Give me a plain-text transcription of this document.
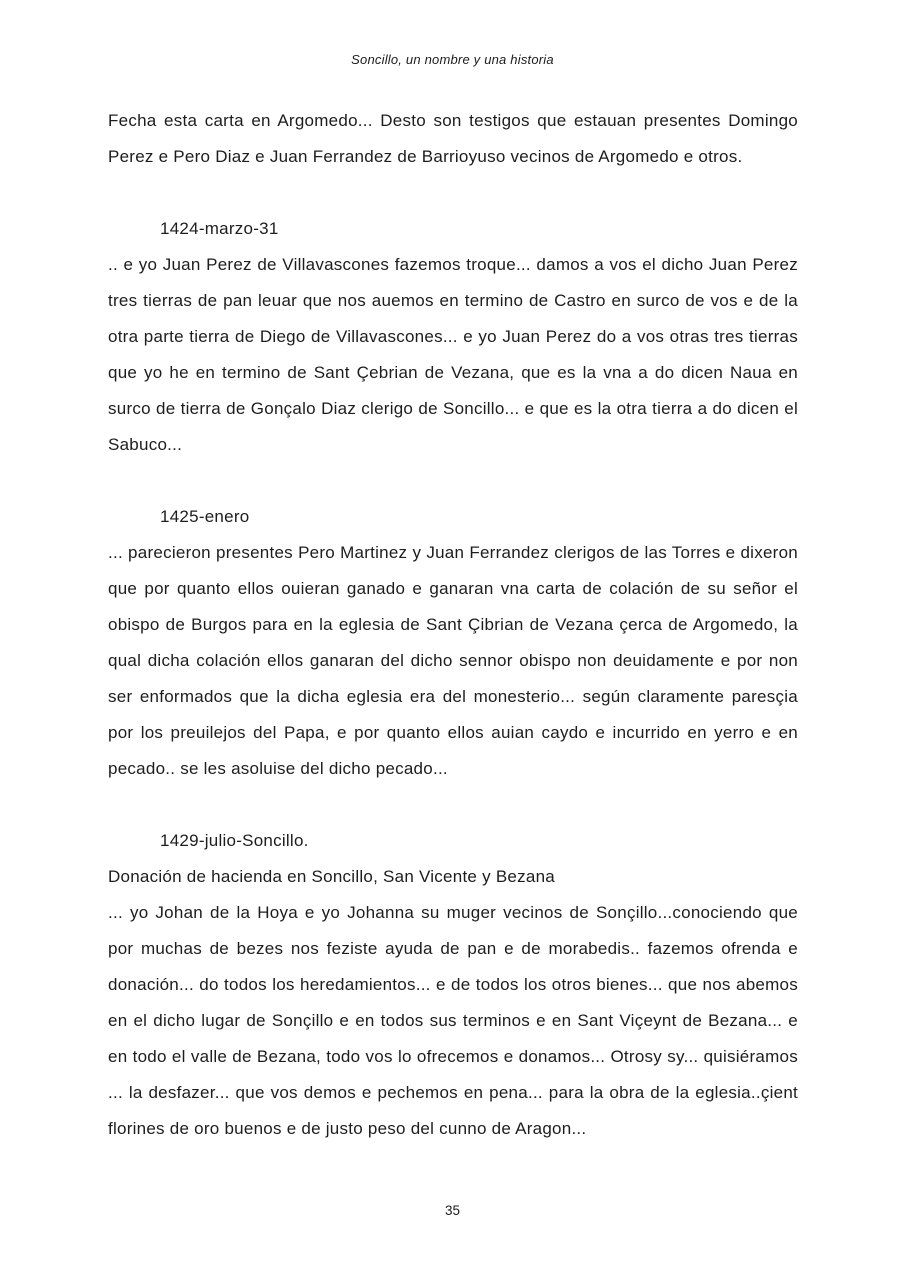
Soncillo, un nombre y una historia

Fecha esta carta en Argomedo... Desto son testigos que estauan presentes Domingo Perez e Pero Diaz e Juan Ferrandez de Barrioyuso vecinos de Argomedo e otros.

1424-marzo-31

.. e yo Juan Perez de Villavascones fazemos troque... damos a vos el dicho Juan Perez tres tierras de pan leuar que nos auemos en termino de Castro en surco de vos e de la otra parte tierra de Diego de Villavascones... e yo Juan Perez do a vos otras tres tierras que yo he en termino de Sant Çebrian de Vezana, que es la vna a do dicen Naua en surco de tierra de Gonçalo Diaz clerigo de Soncillo... e que es la otra tierra a do dicen el Sabuco...

1425-enero

... parecieron presentes Pero Martinez y Juan Ferrandez clerigos de las Torres e dixeron que por quanto ellos ouieran ganado e ganaran vna carta de colación de su señor el obispo de Burgos para en la eglesia de Sant Çibrian de Vezana çerca de Argomedo, la qual dicha colación ellos ganaran del dicho sennor obispo non deuidamente e por non ser enformados que la dicha eglesia era del monesterio... según claramente paresçia por los preuilejos del Papa, e por quanto ellos auian caydo e incurrido en yerro e en pecado.. se les asoluise del dicho pecado...

1429-julio-Soncillo.

Donación de hacienda en Soncillo, San Vicente y Bezana

... yo Johan de la Hoya e yo Johanna su muger vecinos de Sonçillo...conociendo que por muchas de bezes nos feziste ayuda de pan e de morabedis.. fazemos ofrenda e donación... do todos los heredamientos... e de todos los otros bienes... que nos abemos en el dicho lugar de Sonçillo e en todos sus terminos e en Sant Viçeynt de Bezana... e en todo el valle de Bezana, todo vos lo ofrecemos e donamos... Otrosy sy... quisiéramos ... la desfazer... que vos demos e pechemos en pena... para la obra de la eglesia..çient florines de oro buenos e de justo peso del cunno de Aragon...

35
